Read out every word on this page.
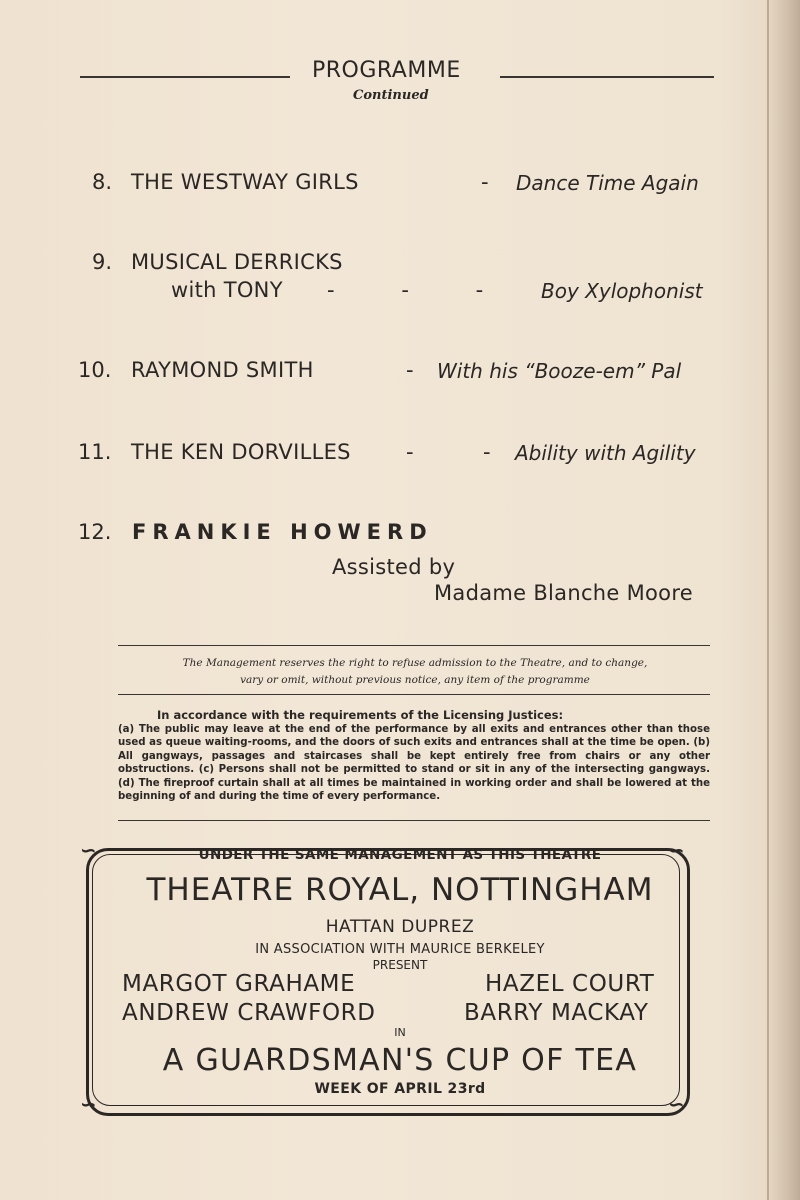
PROGRAMME
Continued
8. THE WESTWAY GIRLS	- Dance Time Again
9. MUSICAL DERRICKS
with TONY -          -          -	Boy Xylophonist
10. RAYMOND SMITH	- With his “Booze-em” Pal
11. THE KEN DORVILLES	-	- Ability with Agility
12. FRANKIE HOWERD
Assisted by
Madame Blanche Moore
The Management reserves the right to refuse admission to the Theatre, and to change,
vary or omit, without previous notice, any item of the programme
In accordance with the requirements of the Licensing Justices:
(a) The public may leave at the end of the performance by all exits and entrances other than those used as queue waiting-rooms, and the doors of such exits and entrances shall at the time be open. (b) All gangways, passages and staircases shall be kept entirely free from chairs or any other obstructions. (c) Persons shall not be permitted to stand or sit in any of the intersecting gangways. (d) The fireproof curtain shall at all times be maintained in working order and shall be lowered at the beginning of and during the time of every performance.
∽	∽
∽	∽
UNDER THE SAME MANAGEMENT AS THIS THEATRE
THEATRE ROYAL, NOTTINGHAM
HATTAN DUPREZ
IN ASSOCIATION WITH MAURICE BERKELEY
PRESENT
MARGOT GRAHAME	HAZEL COURT
ANDREW CRAWFORD	BARRY MACKAY
IN
A GUARDSMAN'S CUP OF TEA
WEEK OF APRIL 23rd
